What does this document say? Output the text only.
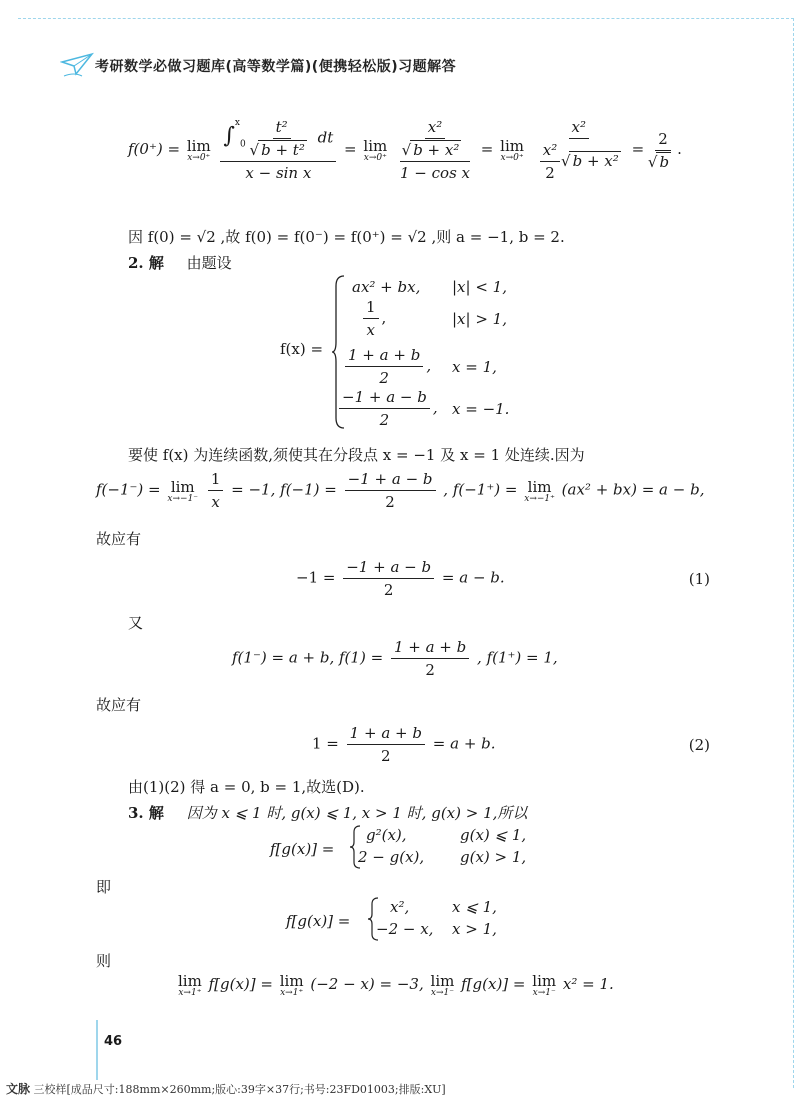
考研数学必做习题库(高等数学篇)(便携轻松版)习题解答
f(0⁺) = lim
x→0⁺
∫$^x_0$ t²
√ b + t² dt
x − sin x = lim
x→0⁺
x²
√ b + x²
1 − cos x = lim
x→0⁺
x²
$\frac{\text{x²}}{2}$
√ b + x² = 2
√ b .
因 f(0) = √2 ,故 f(0) = f(0⁻) = f(0⁺) = √2 ,则 a = −1, b = 2.
2. 解 由题设
f(x) =
ax² + bx, |x| < 1,
$\frac{1}{x}$ ,	|x| > 1,
$\frac{1 + a + b}{2}$ , x = 1,
$\frac{-1 + a - b}{2}$ , x = −1.
要使 f(x) 为连续函数,须使其在分段点 x = −1 及 x = 1 处连续.因为
f(−1⁻) = lim
x→−1⁻
$\frac{1}{x} = -1$, $f(-1) = \frac{-1 + a - b}{2}$ , f(−1⁺) = lim
x→−1⁺ (ax² + bx) = a − b,
故应有
$-1 = \frac{-1 + a - b}{2} = a - b$.	(1)
又
f(1⁻) = a + b, $f(1) = \frac{1 + a + b}{2}$ , f(1⁺) = 1,
故应有
$1 = \frac{1 + a + b}{2} = a + b$.	(2)
由(1)(2) 得 a = 0, b = 1,故选(D).
3. 解 因为 x ⩽ 1 时, g(x) ⩽ 1, x > 1 时, g(x) > 1,所以
f[g(x)] =
g²(x),	g(x) ⩽ 1,
2 − g(x), g(x) > 1,
即
f[g(x)] =
x²,	x ⩽ 1,
−2 − x, x > 1,
则
lim
x→1⁺ f[g(x)] = lim
x→1⁺ (−2 − x) = −3, lim
x→1⁻ f[g(x)] = lim
x→1⁻ x² = 1.
46
文脉 三校样[成品尺寸:188mm×260mm;版心:39字×37行;书号:23FD01003;排版:XU]
